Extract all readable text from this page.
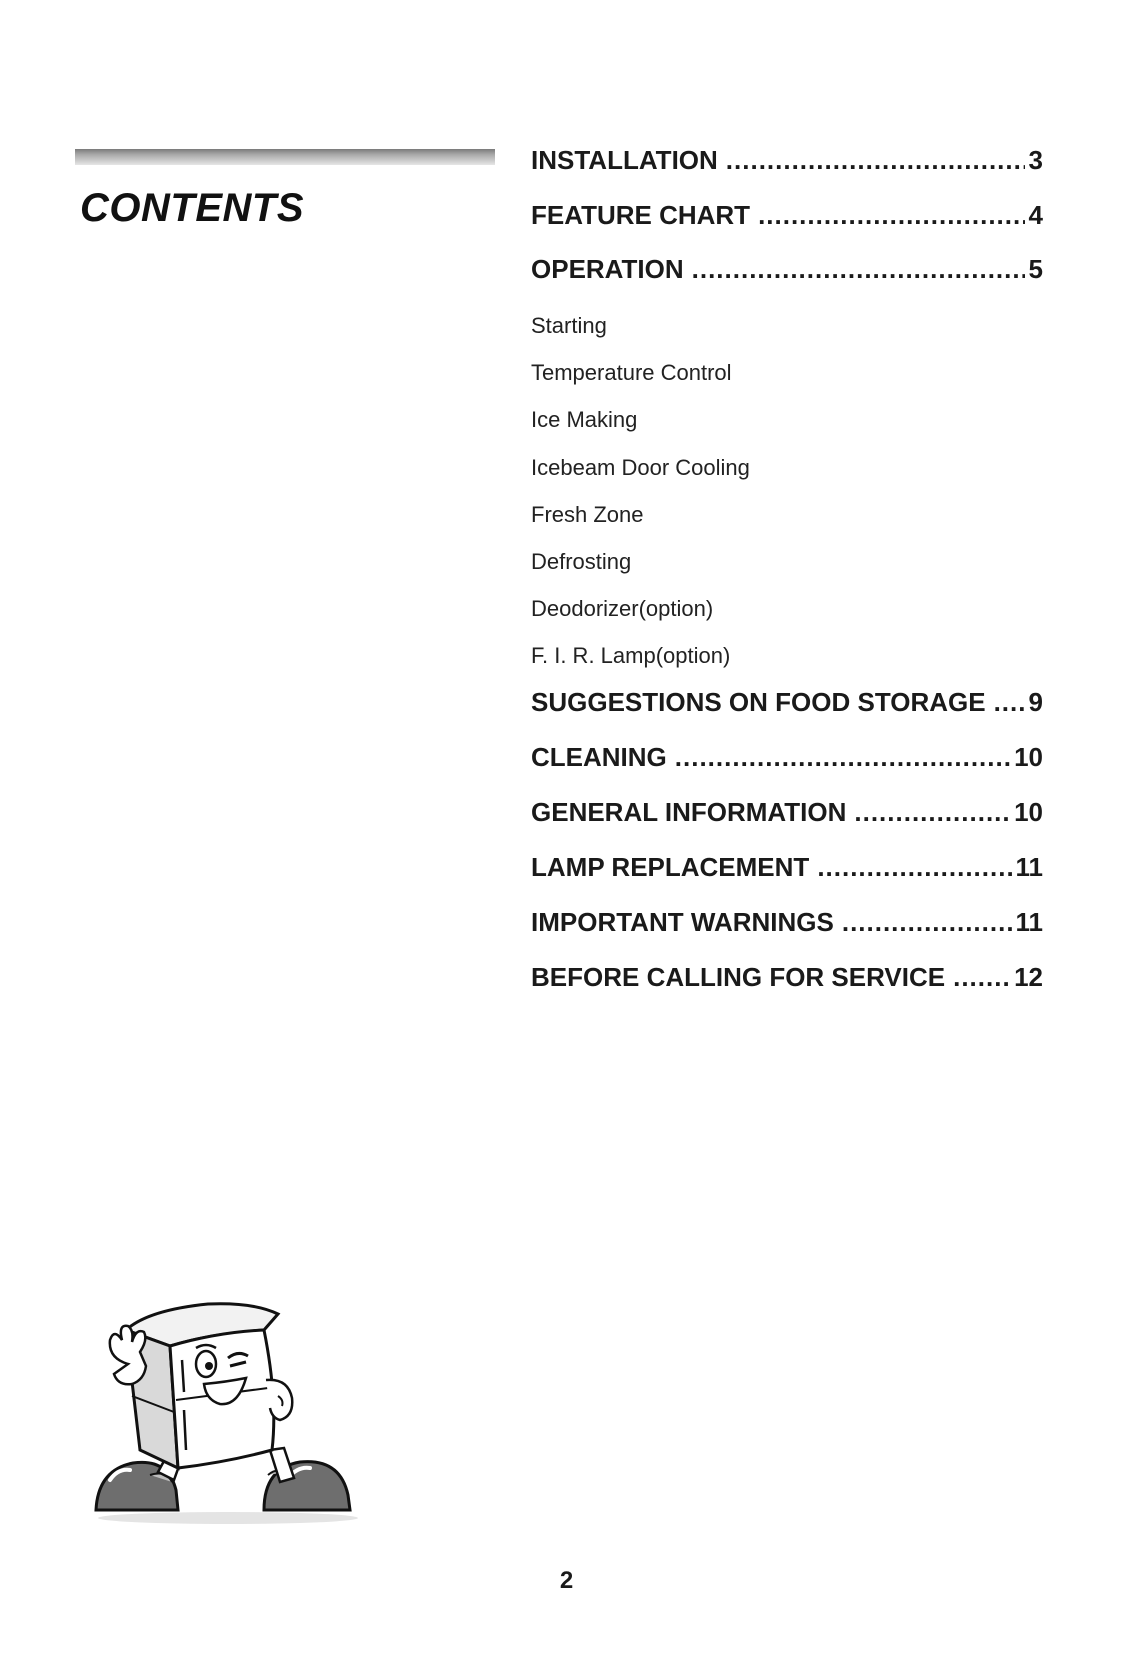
CONTENTS
INSTALLATION .....	3
FEATURE CHART .....	4
OPERATION .....	5
Starting
Temperature Control
Ice Making
Icebeam Door Cooling
Fresh Zone
Defrosting
Deodorizer(option)
F. I. R. Lamp(option)
SUGGESTIONS ON FOOD STORAGE ..... 9
CLEANING .....	10
GENERAL INFORMATION .....	10
LAMP REPLACEMENT .....	11
IMPORTANT WARNINGS .....	11
BEFORE CALLING FOR SERVICE .....	12
2
